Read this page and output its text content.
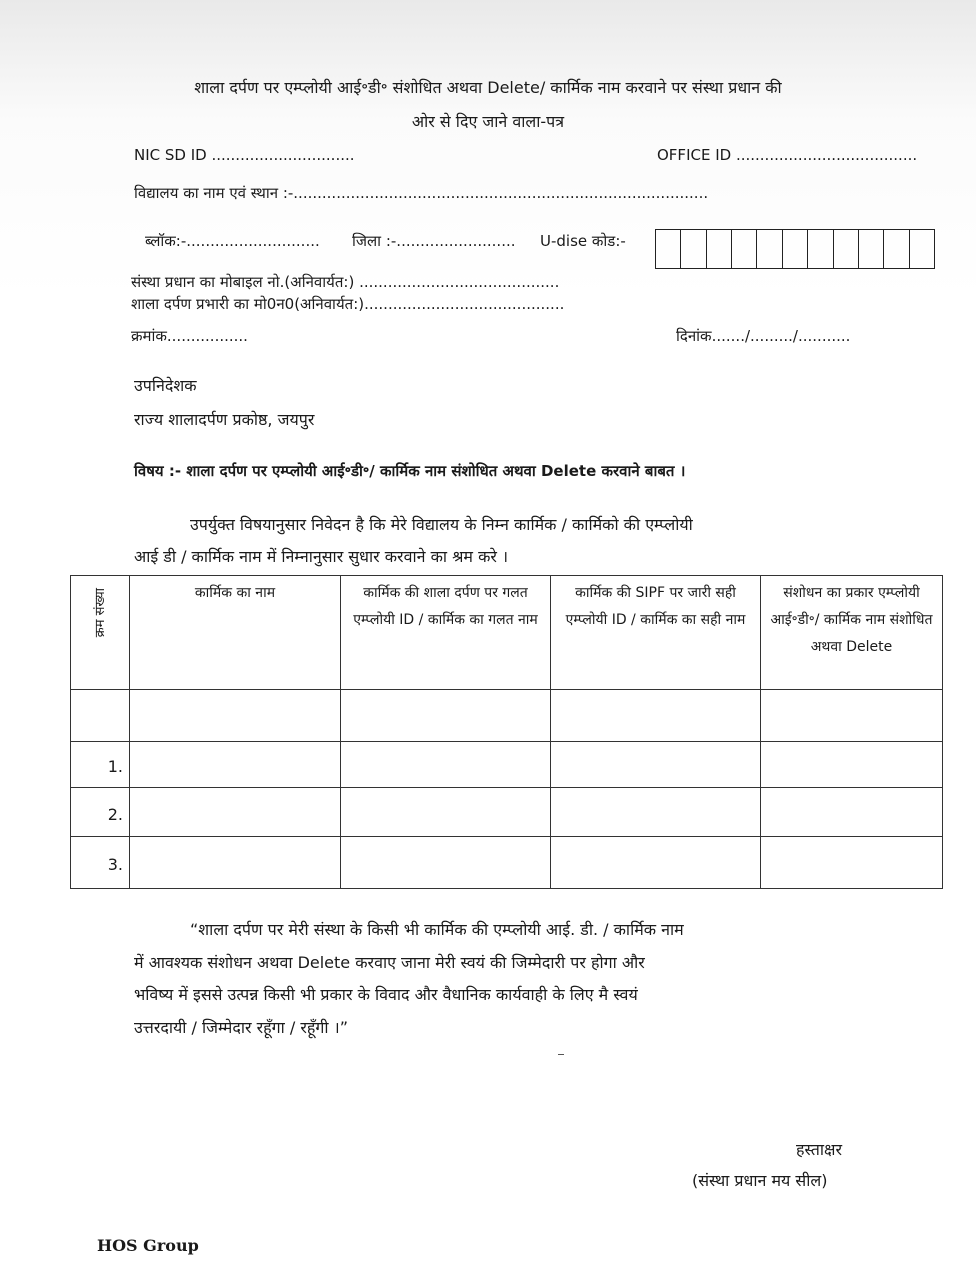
शाला दर्पण पर एम्प्लोयी आई॰डी॰ संशोधित अथवा Delete/ कार्मिक नाम करवाने पर संस्था प्रधान की
ओर से दिए जाने वाला-पत्र
NIC SD ID ..............................	OFFICE ID ......................................
विद्यालय का नाम एवं स्थान :-.......................................................................................
ब्लॉक:-............................ जिला :-......................... U-dise कोड:-
संस्था प्रधान का मोबाइल नो.(अनिवार्यत:) ..........................................
शाला दर्पण प्रभारी का मो0न0(अनिवार्यत:)..........................................
क्रमांक.................	दिनांक......./........./...........
उपनिदेशक
राज्य शालादर्पण प्रकोष्ठ, जयपुर
विषय :- शाला दर्पण पर एम्प्लोयी आई॰डी॰/ कार्मिक नाम संशोधित अथवा Delete करवाने बाबत ।
उपर्युक्त विषयानुसार निवेदन है कि मेरे विद्यालय के निम्न कार्मिक / कार्मिको की एम्प्लोयी
आई डी / कार्मिक नाम में निम्नानुसार सुधार करवाने का श्रम करे ।
क्रम संख्या	कार्मिक का नाम	कार्मिक की शाला दर्पण पर गलत एम्प्लोयी ID / कार्मिक का गलत नाम	कार्मिक की SIPF पर जारी सही एम्प्लोयी ID / कार्मिक का सही नाम	संशोधन का प्रकार एम्प्लोयी आई॰डी॰/ कार्मिक नाम संशोधित अथवा Delete

1.				
2.				
3.				
“शाला दर्पण पर मेरी संस्था के किसी भी कार्मिक की एम्प्लोयी आई. डी. / कार्मिक नाम
में आवश्यक संशोधन अथवा Delete करवाए जाना मेरी स्वयं की जिम्मेदारी पर होगा और
भविष्य में इससे उत्पन्न किसी भी प्रकार के विवाद और वैधानिक कार्यवाही के लिए मै स्वयं
उत्तरदायी / जिम्मेदार रहूँगा / रहूँगी ।”
हस्ताक्षर
(संस्था प्रधान मय सील)
HOS Group
